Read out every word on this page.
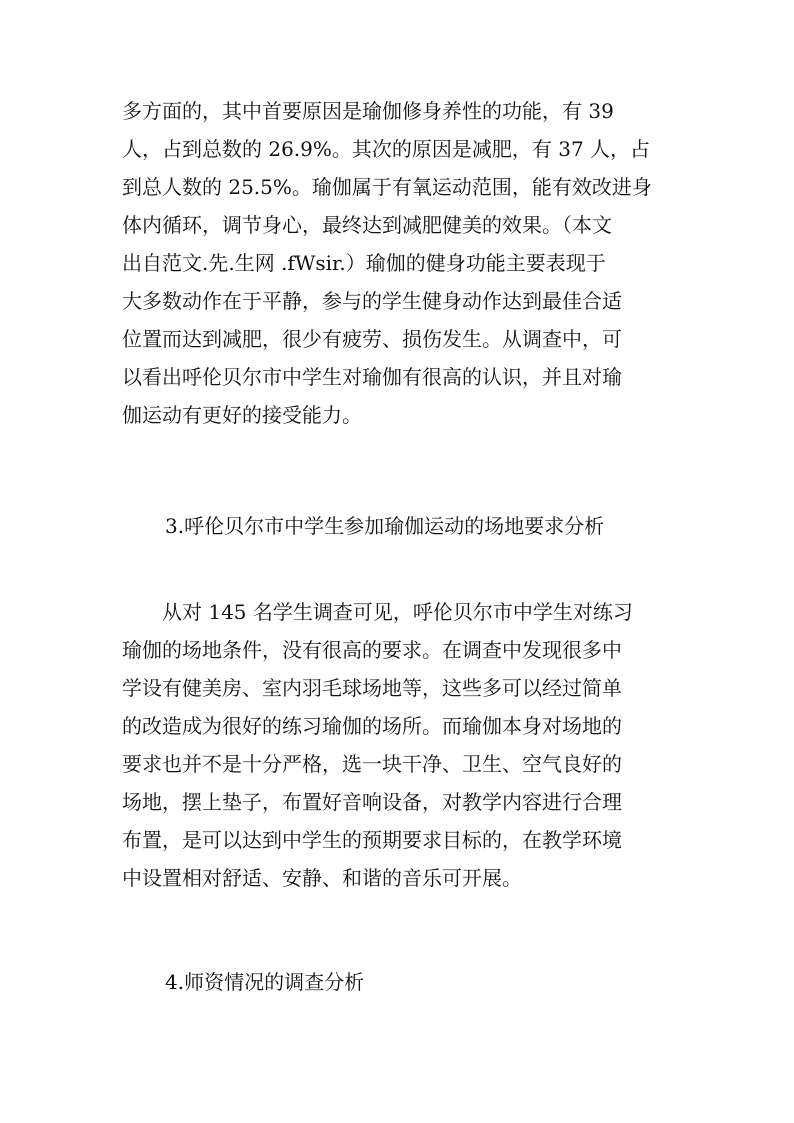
多方面的，其中首要原因是瑜伽修身养性的功能，有 39
人，占到总数的 26.9%。其次的原因是减肥，有 37 人，占
到总人数的 25.5%。瑜伽属于有氧运动范围，能有效改进身
体内循环，调节身心，最终达到减肥健美的效果。（本文
出自范文.先.生网 .fWsir.）瑜伽的健身功能主要表现于
大多数动作在于平静，参与的学生健身动作达到最佳合适
位置而达到减肥，很少有疲劳、损伤发生。从调查中，可
以看出呼伦贝尔市中学生对瑜伽有很高的认识，并且对瑜
伽运动有更好的接受能力。
3.呼伦贝尔市中学生参加瑜伽运动的场地要求分析
　　从对 145 名学生调查可见，呼伦贝尔市中学生对练习
瑜伽的场地条件，没有很高的要求。在调查中发现很多中
学设有健美房、室内羽毛球场地等，这些多可以经过简单
的改造成为很好的练习瑜伽的场所。而瑜伽本身对场地的
要求也并不是十分严格，选一块干净、卫生、空气良好的
场地，摆上垫子，布置好音响设备，对教学内容进行合理
布置，是可以达到中学生的预期要求目标的，在教学环境
中设置相对舒适、安静、和谐的音乐可开展。
4.师资情况的调查分析
